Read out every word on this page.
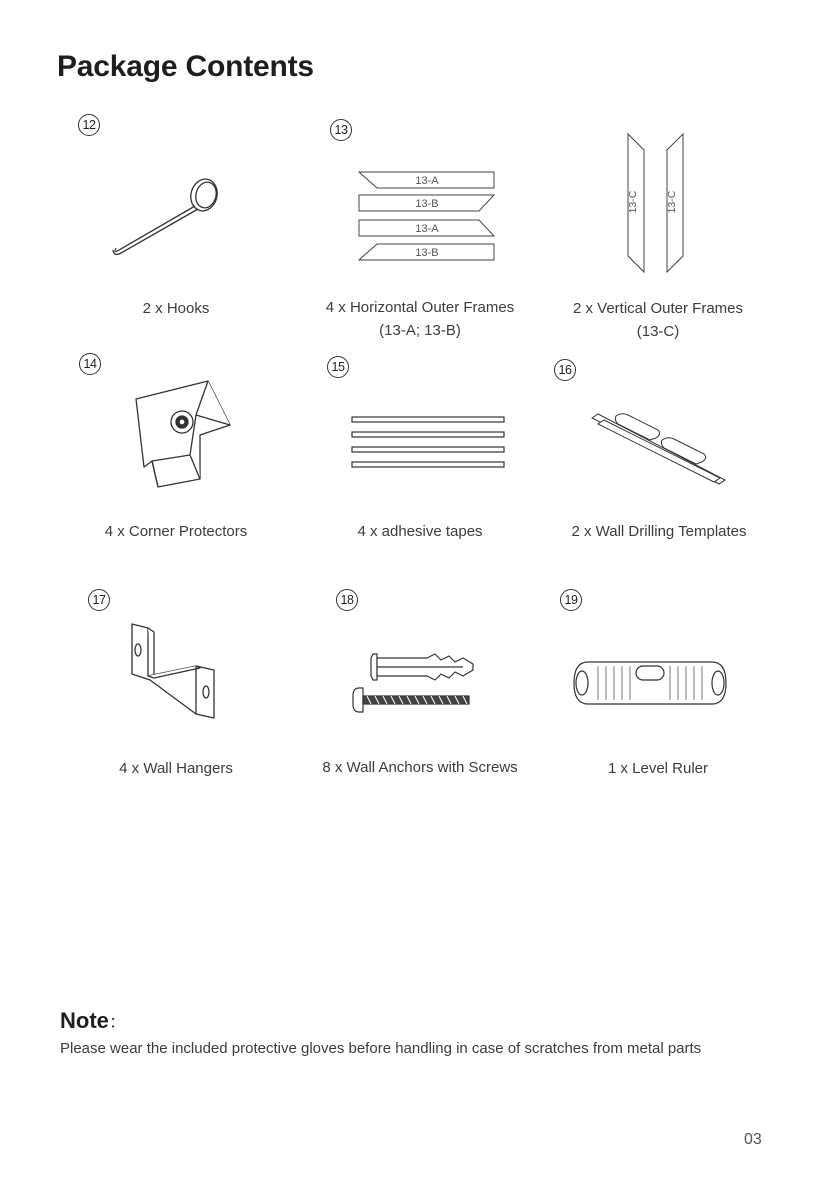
Package Contents
12
2 x Hooks
13
13-A
13-B
13-A
13-B
4 x Horizontal Outer Frames
(13-A; 13-B)
13-C	13-C
2 x Vertical Outer Frames
(13-C)
14
4 x Corner Protectors
15
4 x adhesive tapes
16
2 x Wall Drilling Templates
17
4 x Wall Hangers
18
8 x Wall Anchors with Screws
19
1 x Level Ruler
Note：
Please wear the included protective gloves before handling in case of scratches from metal parts
03
